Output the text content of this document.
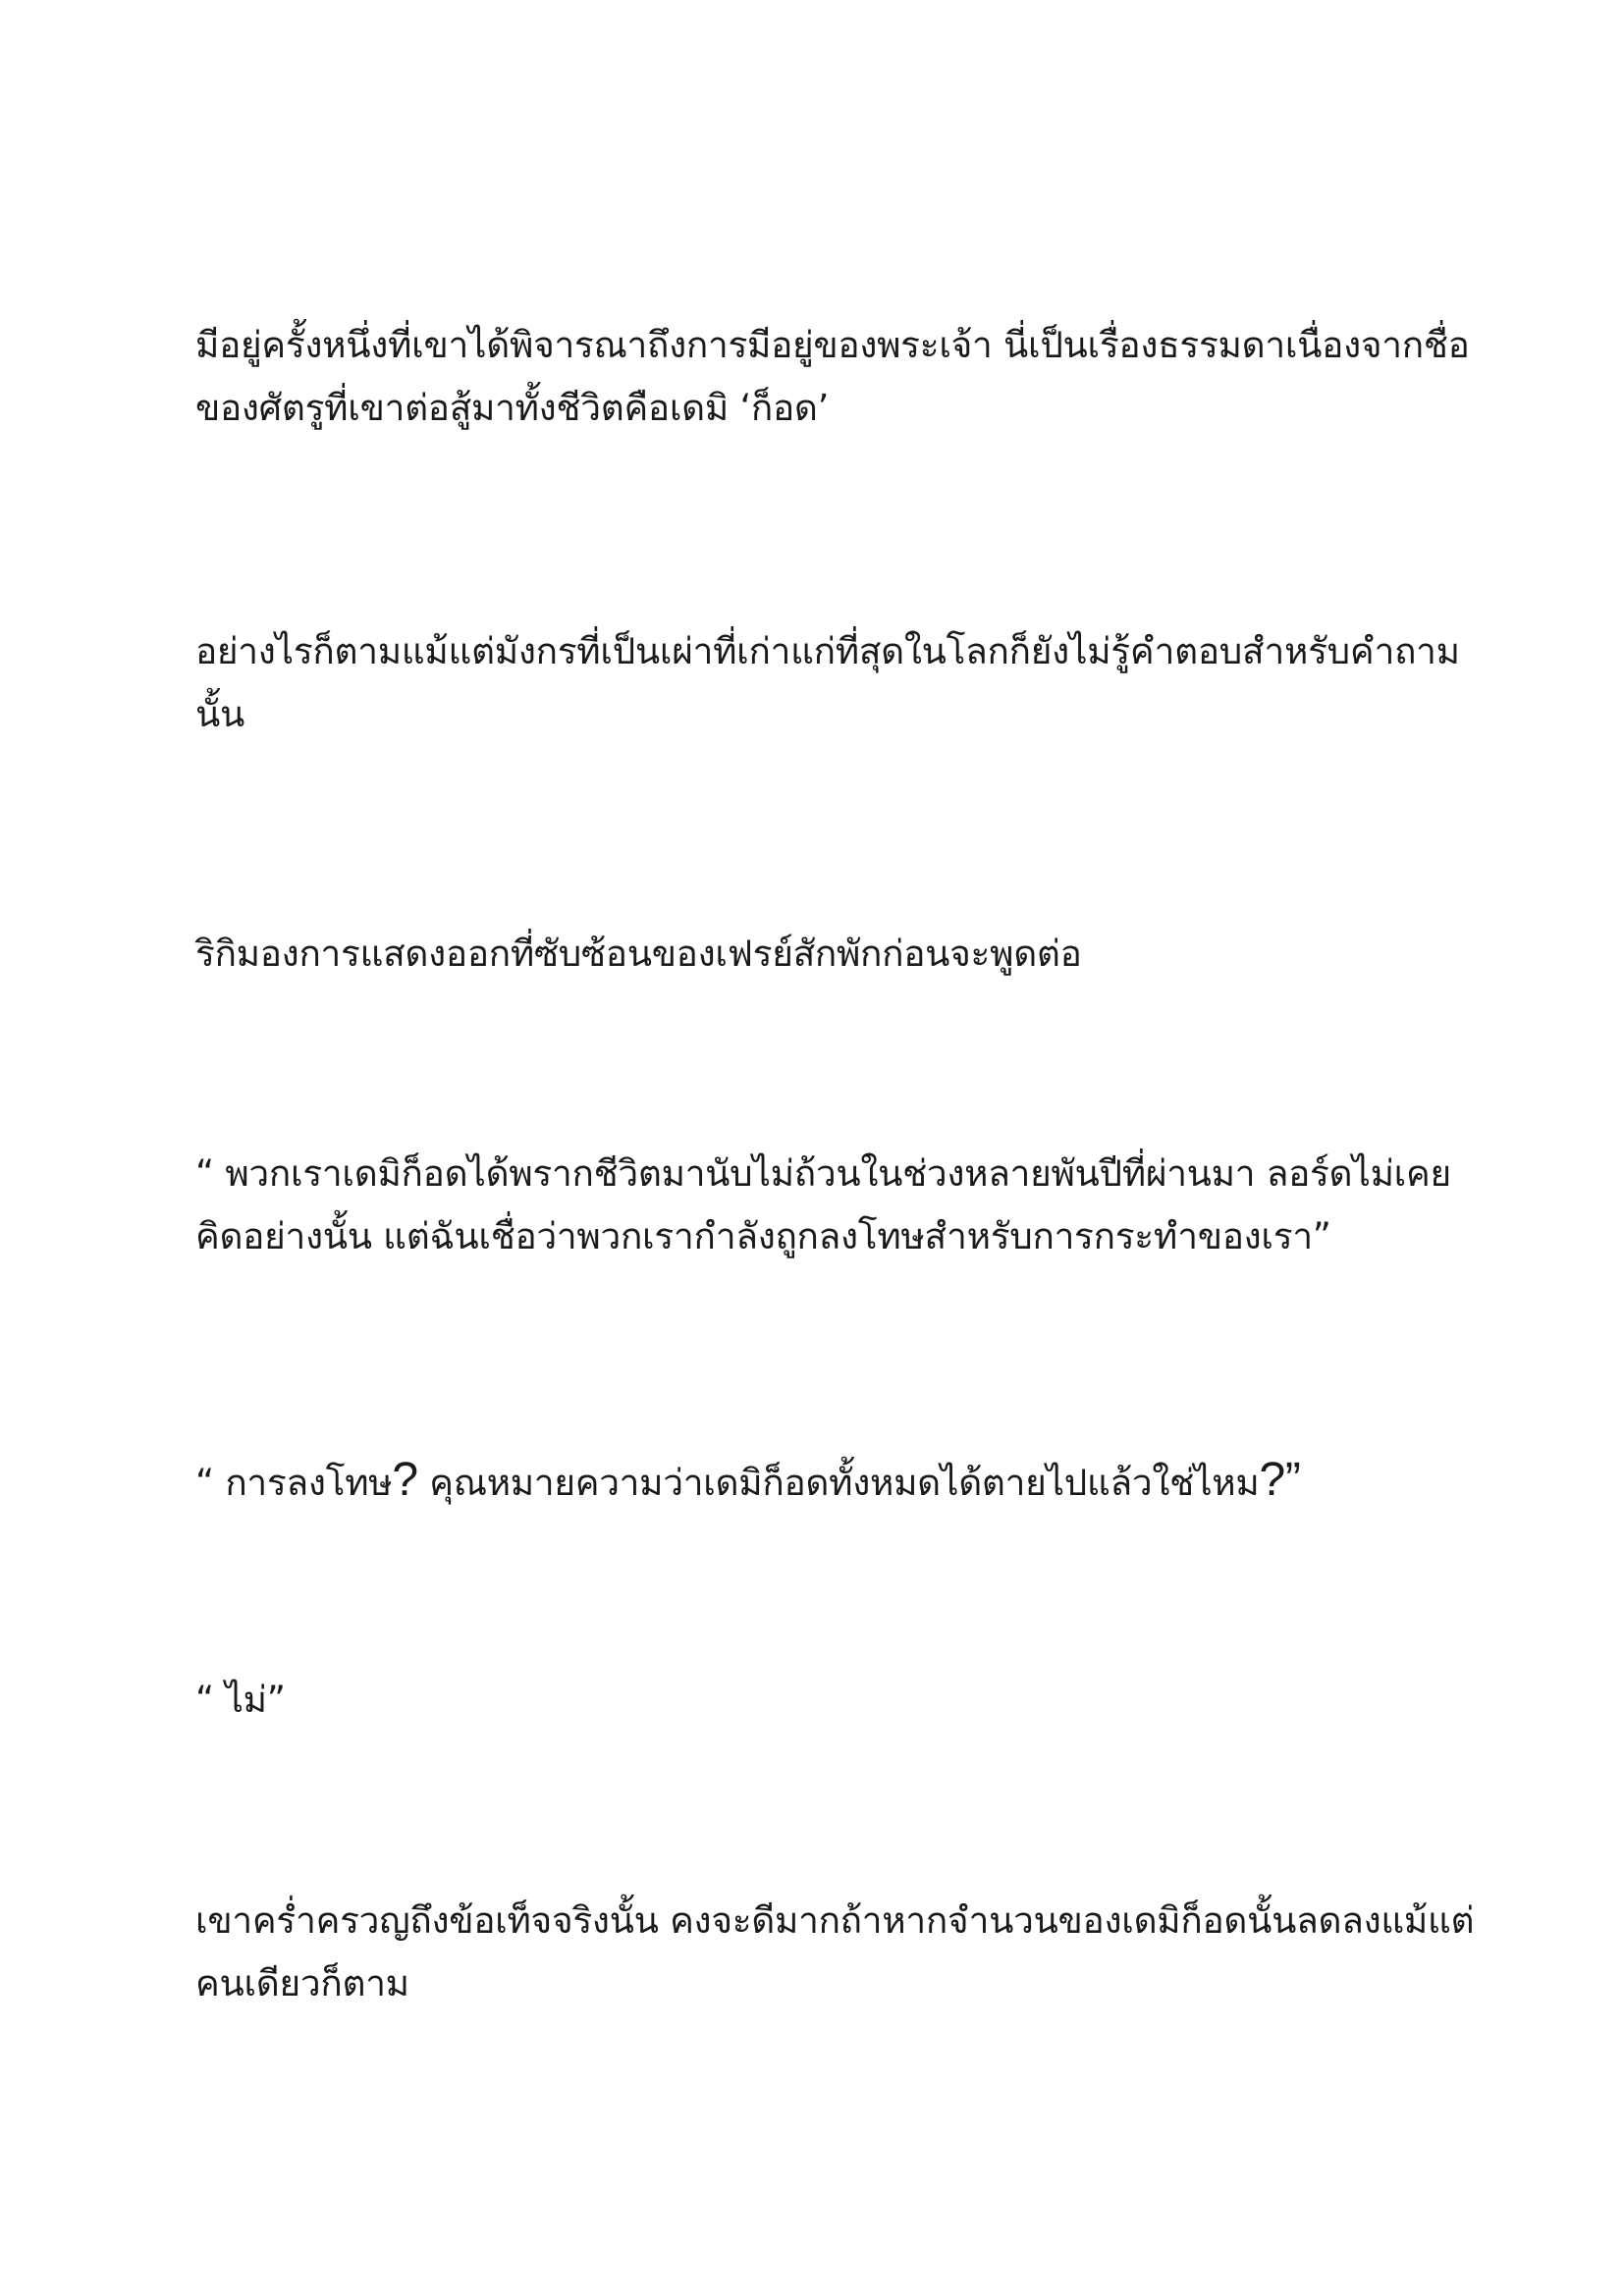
มีอยู่ครั้งหนึ่งที่เขาได้พิจารณาถึงการมีอยู่ของพระเจ้า นี่เป็นเรื่องธรรมดาเนื่องจากชื่อ
ของศัตรูที่เขาต่อสู้มาทั้งชีวิตคือเดมิ ‘ก็อด’
อย่างไรก็ตามแม้แต่มังกรที่เป็นเผ่าที่เก่าแก่ที่สุดในโลกก็ยังไม่รู้คำตอบสำหรับคำถาม
นั้น
ริกิมองการแสดงออกที่ซับซ้อนของเฟรย์สักพักก่อนจะพูดต่อ
“ พวกเราเดมิก็อดได้พรากชีวิตมานับไม่ถ้วนในช่วงหลายพันปีที่ผ่านมา ลอร์ดไม่เคย
คิดอย่างนั้น แต่ฉันเชื่อว่าพวกเรากำลังถูกลงโทษสำหรับการกระทำของเรา”
“ การลงโทษ? คุณหมายความว่าเดมิก็อดทั้งหมดได้ตายไปแล้วใช่ไหม?”
“ ไม่”
เขาคร่ำครวญถึงข้อเท็จจริงนั้น คงจะดีมากถ้าหากจำนวนของเดมิก็อดนั้นลดลงแม้แต่
คนเดียวก็ตาม
